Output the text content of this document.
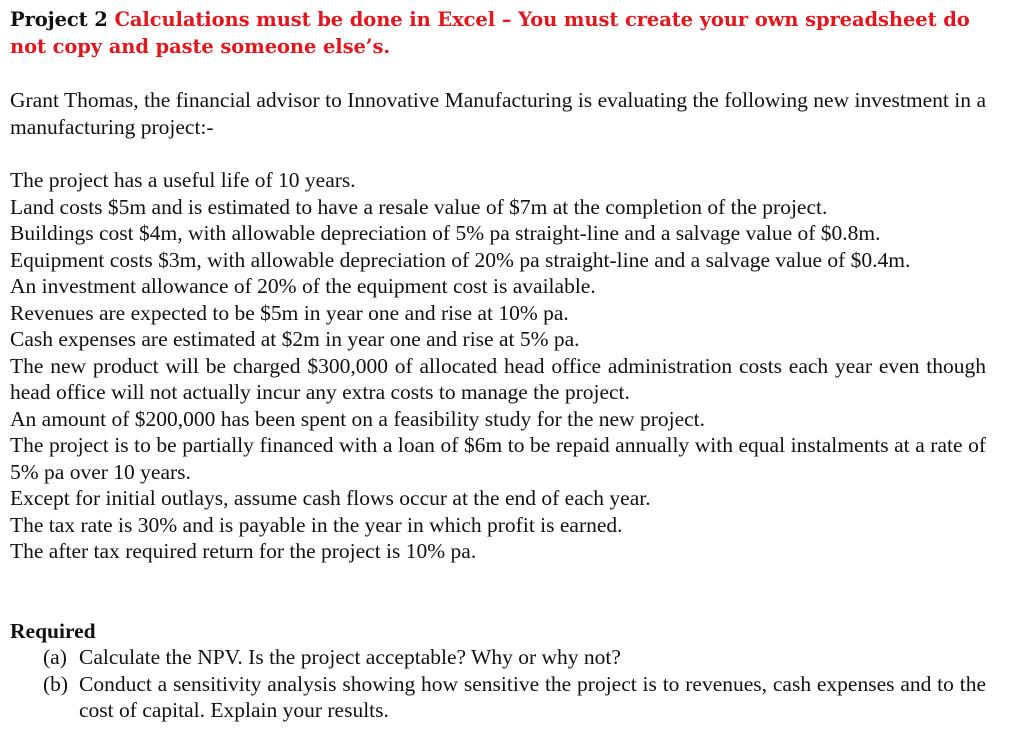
Project 2 Calculations must be done in Excel – You must create your own spreadsheet do not copy and paste someone else’s.

Grant Thomas, the financial advisor to Innovative Manufacturing is evaluating the following new investment in a manufacturing project:-

The project has a useful life of 10 years.

Land costs $5m and is estimated to have a resale value of $7m at the completion of the project.

Buildings cost $4m, with allowable depreciation of 5% pa straight-line and a salvage value of $0.8m.

Equipment costs $3m, with allowable depreciation of 20% pa straight-line and a salvage value of $0.4m.

An investment allowance of 20% of the equipment cost is available.

Revenues are expected to be $5m in year one and rise at 10% pa.

Cash expenses are estimated at $2m in year one and rise at 5% pa.

The new product will be charged $300,000 of allocated head office administration costs each year even though head office will not actually incur any extra costs to manage the project.

An amount of $200,000 has been spent on a feasibility study for the new project.

The project is to be partially financed with a loan of $6m to be repaid annually with equal instalments at a rate of 5% pa over 10 years.

Except for initial outlays, assume cash flows occur at the end of each year.

The tax rate is 30% and is payable in the year in which profit is earned.

The after tax required return for the project is 10% pa.

Required
(a) Calculate the NPV. Is the project acceptable? Why or why not?
(b) Conduct a sensitivity analysis showing how sensitive the project is to revenues, cash expenses and to the cost of capital. Explain your results.
